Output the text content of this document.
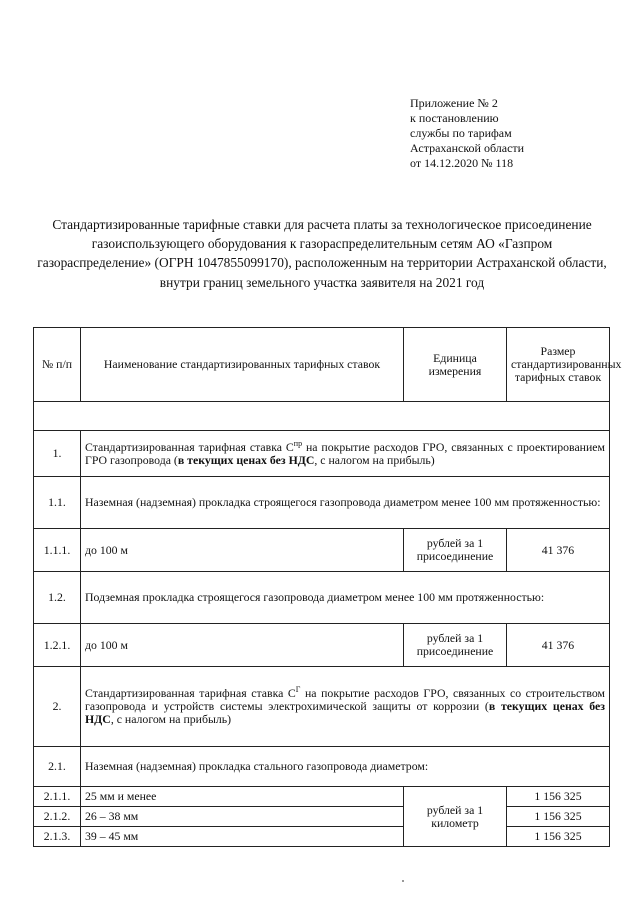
Приложение № 2
к постановлению
службы по тарифам
Астраханской области
от 14.12.2020 № 118
Стандартизированные тарифные ставки для расчета платы за технологическое присоединение газоиспользующего оборудования к газораспределительным сетям АО «Газпром газораспределение» (ОГРН 1047855099170), расположенным на территории Астраханской области, внутри границ земельного участка заявителя на 2021 год
№ п/п	Наименование стандартизированных тарифных ставок	Единица измерения	Размер стандартизированных тарифных ставок

1.	Стандартизированная тарифная ставка $С^{пр}$ на покрытие расходов ГРО, связанных с проектированием ГРО газопровода (в текущих ценах без НДС, с налогом на прибыль)		
1.1.	Наземная (надземная) прокладка строящегося газопровода диаметром менее 100 мм протяженностью:		
1.1.1.	до 100 м	рублей за 1 присоединение	41 376
1.2.	Подземная прокладка строящегося газопровода диаметром менее 100 мм протяженностью:		
1.2.1.	до 100 м	рублей за 1 присоединение	41 376
2.	Стандартизированная тарифная ставка $С^Г$ на покрытие расходов ГРО, связанных со строительством газопровода и устройств системы электрохимической защиты от коррозии (в текущих ценах без НДС, с налогом на прибыль)		
2.1.	Наземная (надземная) прокладка стального газопровода диаметром:		
2.1.1.	25 мм и менее	рублей за 1 километр	1 156 325
2.1.2.	26 – 38 мм		1 156 325
2.1.3.	39 – 45 мм		1 156 325
